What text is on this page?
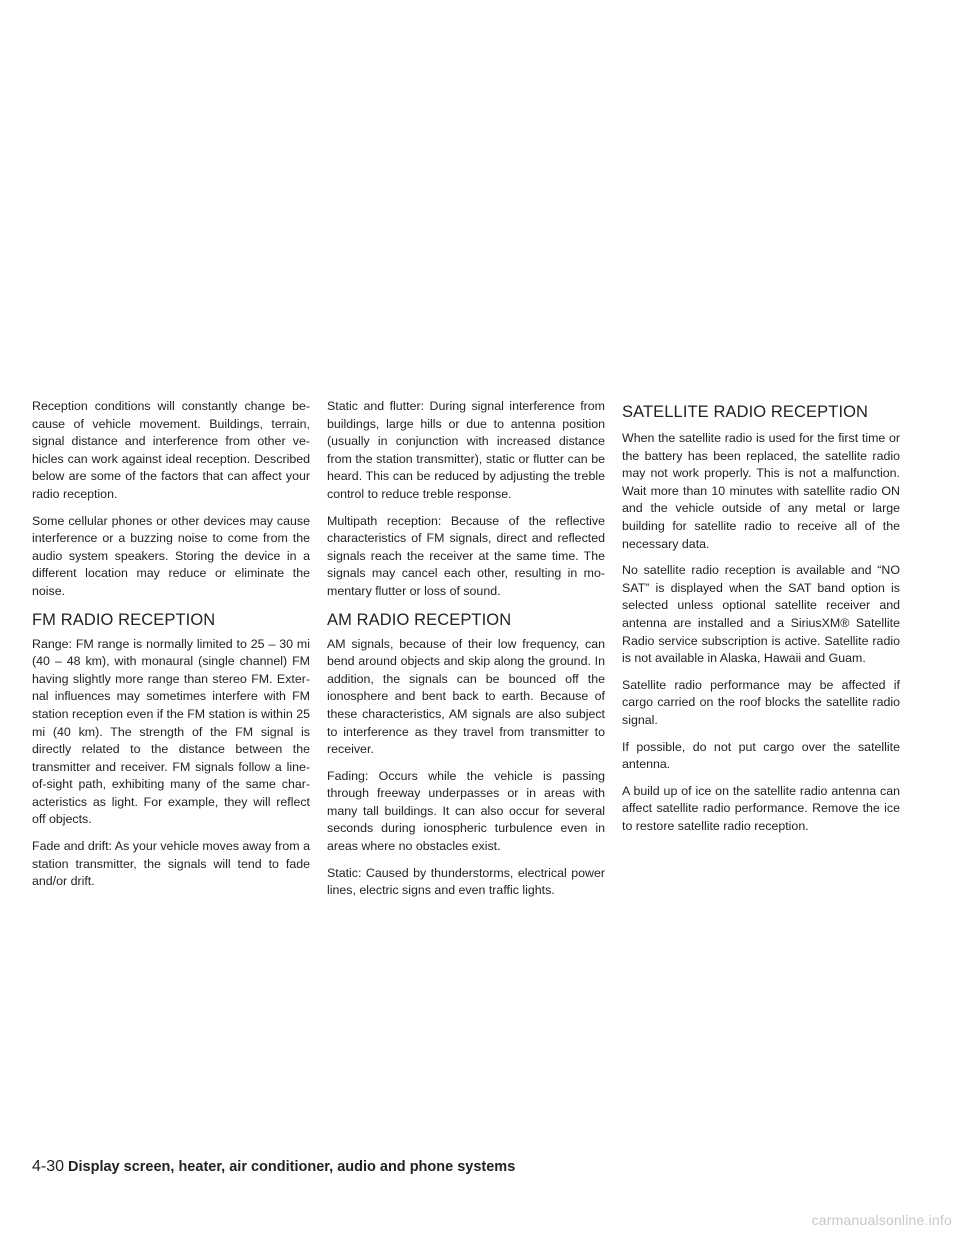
Reception conditions will constantly change because of vehicle movement. Buildings, terrain, signal distance and interference from other vehicles can work against ideal reception. Described below are some of the factors that can affect your radio reception.

Some cellular phones or other devices may cause interference or a buzzing noise to come from the audio system speakers. Storing the device in a different location may reduce or eliminate the noise.

FM RADIO RECEPTION

Range: FM range is normally limited to 25 – 30 mi (40 – 48 km), with monaural (single channel) FM having slightly more range than stereo FM. External influences may sometimes interfere with FM station reception even if the FM station is within 25 mi (40 km). The strength of the FM signal is directly related to the distance between the transmitter and receiver. FM signals follow a line-of-sight path, exhibiting many of the same characteristics as light. For example, they will reflect off objects.

Fade and drift: As your vehicle moves away from a station transmitter, the signals will tend to fade and/or drift.

Static and flutter: During signal interference from buildings, large hills or due to antenna position (usually in conjunction with increased distance from the station transmitter), static or flutter can be heard. This can be reduced by adjusting the treble control to reduce treble response.

Multipath reception: Because of the reflective characteristics of FM signals, direct and reflected signals reach the receiver at the same time. The signals may cancel each other, resulting in momentary flutter or loss of sound.

AM RADIO RECEPTION

AM signals, because of their low frequency, can bend around objects and skip along the ground. In addition, the signals can be bounced off the ionosphere and bent back to earth. Because of these characteristics, AM signals are also subject to interference as they travel from transmitter to receiver.

Fading: Occurs while the vehicle is passing through freeway underpasses or in areas with many tall buildings. It can also occur for several seconds during ionospheric turbulence even in areas where no obstacles exist.

Static: Caused by thunderstorms, electrical power lines, electric signs and even traffic lights.

SATELLITE RADIO RECEPTION

When the satellite radio is used for the first time or the battery has been replaced, the satellite radio may not work properly. This is not a malfunction. Wait more than 10 minutes with satellite radio ON and the vehicle outside of any metal or large building for satellite radio to receive all of the necessary data.

No satellite radio reception is available and “NO SAT” is displayed when the SAT band option is selected unless optional satellite receiver and antenna are installed and a SiriusXM® Satellite Radio service subscription is active. Satellite radio is not available in Alaska, Hawaii and Guam.

Satellite radio performance may be affected if cargo carried on the roof blocks the satellite radio signal.

If possible, do not put cargo over the satellite antenna.

A build up of ice on the satellite radio antenna can affect satellite radio performance. Remove the ice to restore satellite radio reception.

4-30 Display screen, heater, air conditioner, audio and phone systems
carmanualsonline.info
